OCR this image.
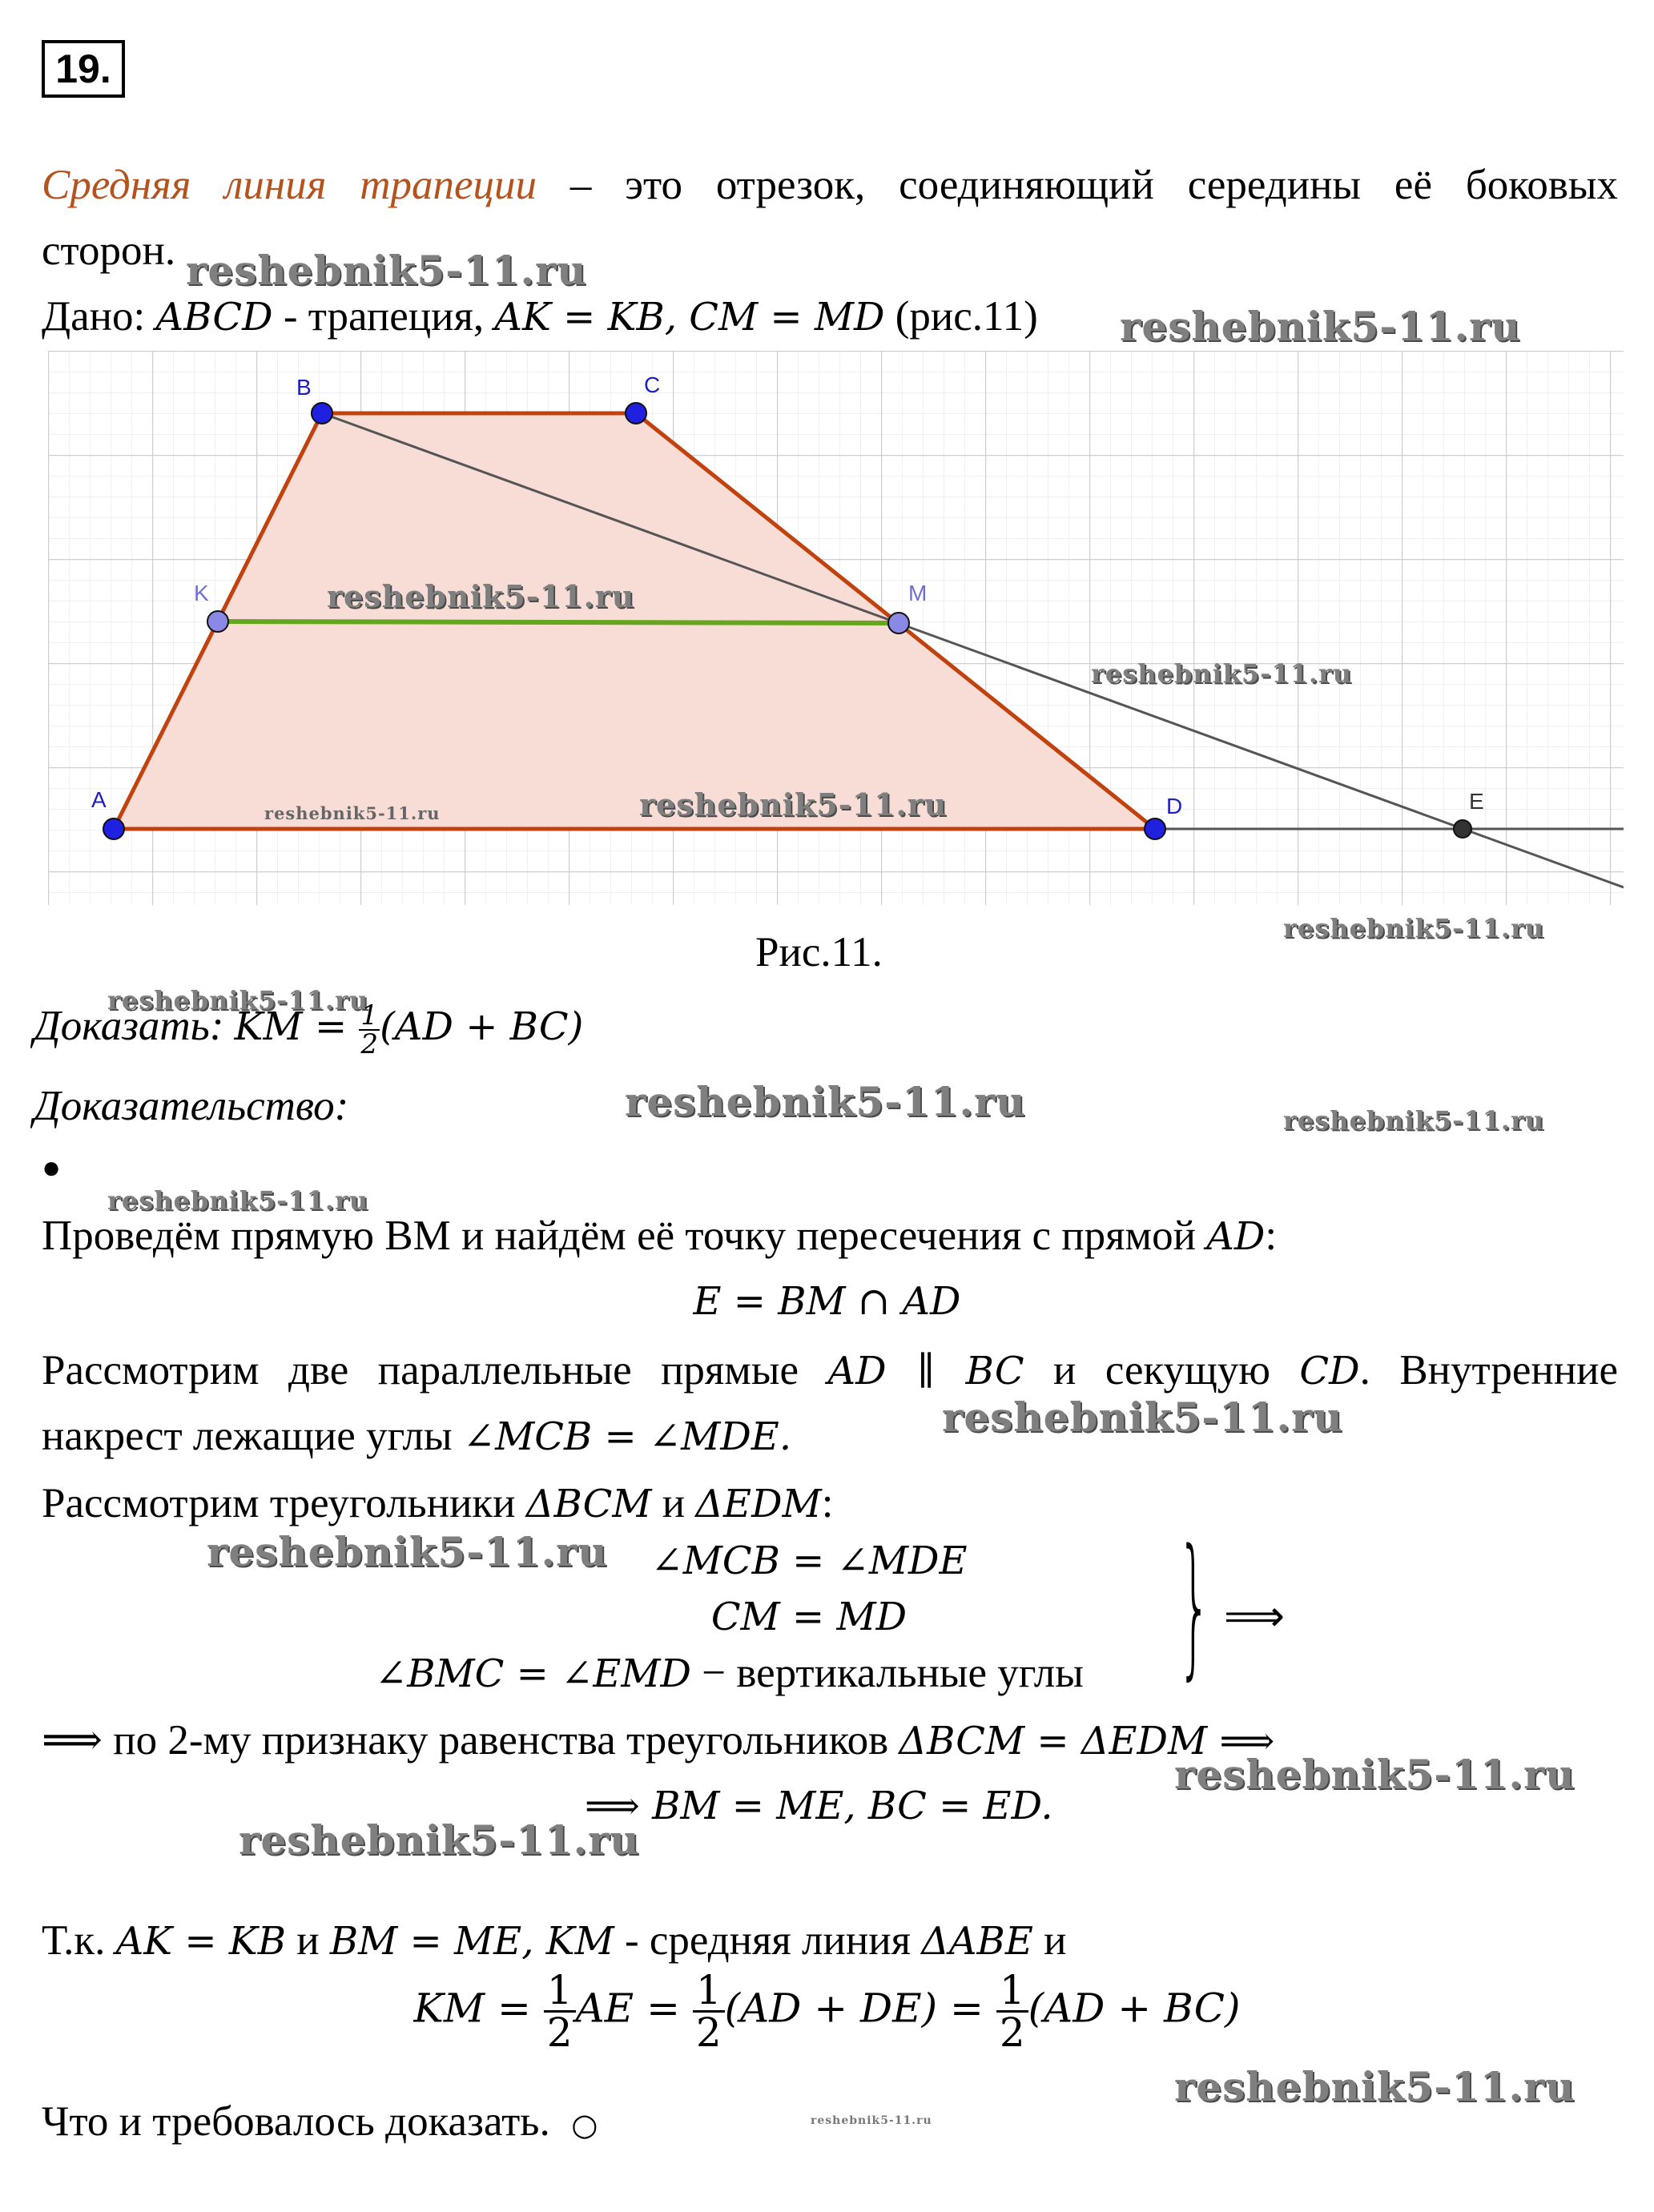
19.
Средняя линия трапеции – это отрезок, соединяющий середины её боковых
сторон.
Дано: ABCD - трапеция, AK = KB, CM = MD (рис.11)
A
B	C
D
K	M
E
reshebnik5-11.ru
reshebnik5-11.ru
reshebnik5-11.ru
reshebnik5-11.ru
reshebnik5-11.ru
reshebnik5-11.ru
reshebnik5-11.ru
Рис.11.
reshebnik5-11.ru
Доказать: KM = $\frac{1}{2} (AD + BC)$
Доказательство:	reshebnik5-11.ru	reshebnik5-11.ru
●
reshebnik5-11.ru
Проведём прямую BM и найдём её точку пересечения с прямой AD:
E = BM ∩ AD
Рассмотрим две параллельные прямые AD ∥ BC и секущую CD. Внутренние
накрест лежащие углы ∠MCB = ∠MDE.	reshebnik5-11.ru
Рассмотрим треугольники ΔBCM и ΔEDM:
reshebnik5-11.ru	∠MCB = ∠MDE
CM = MD
∠BMC = ∠EMD − вертикальные углы } ⟹
⟹ по 2-му признаку равенства треугольников ΔBCM = ΔEDM ⟹
reshebnik5-11.ru
⟹ BM = ME, BC = ED.
reshebnik5-11.ru
Т.к. AK = KB и BM = ME, KM - средняя линия ΔABE и
KM = $\frac{1}{2}$ AE = $\frac{1}{2} (AD + DE) = \frac{1}{2} (AD + BC)$
reshebnik5-11.ru
Что и требовалось доказать. ○	reshebnik5-11.ru
